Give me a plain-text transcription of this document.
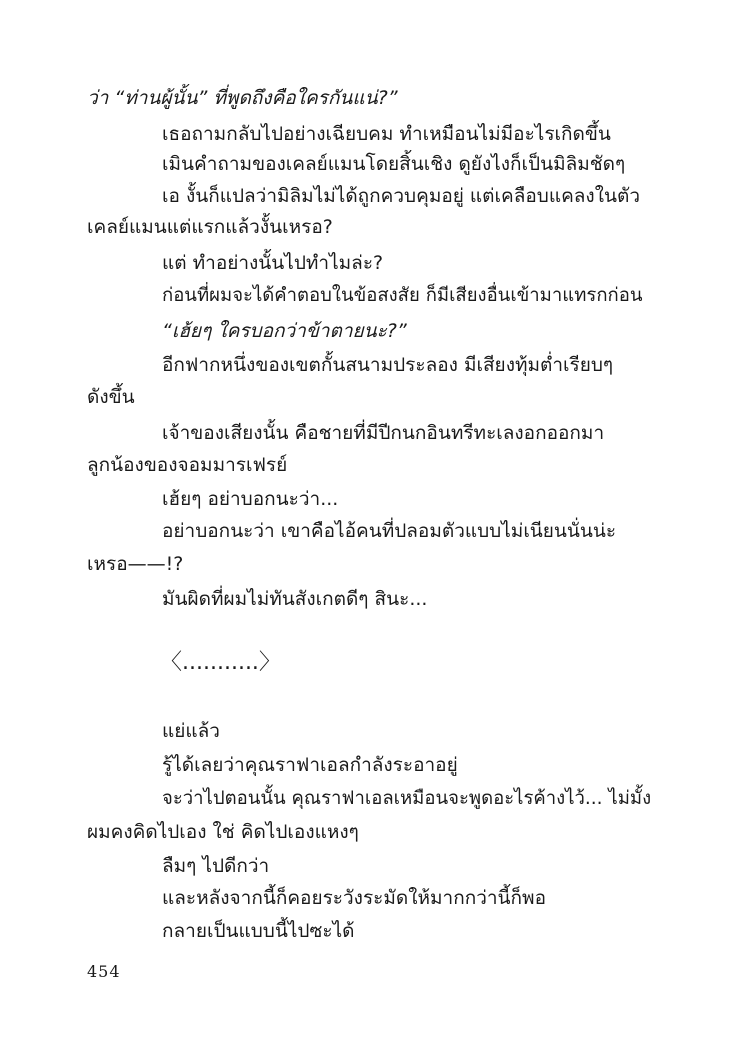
ว่า “ท่านผู้นั้น” ที่พูดถึงคือใครกันแน่?”
เธอถามกลับไปอย่างเฉียบคม ทำเหมือนไม่มีอะไรเกิดขึ้น
เมินคำถามของเคลย์แมนโดยสิ้นเชิง ดูยังไงก็เป็นมิลิมชัดๆ
เอ งั้นก็แปลว่ามิลิมไม่ได้ถูกควบคุมอยู่ แต่เคลือบแคลงในตัว
เคลย์แมนแต่แรกแล้วงั้นเหรอ?
แต่ ทำอย่างนั้นไปทำไมล่ะ?
ก่อนที่ผมจะได้คำตอบในข้อสงสัย ก็มีเสียงอื่นเข้ามาแทรกก่อน
“เฮ้ยๆ ใครบอกว่าข้าตายนะ?”
อีกฟากหนึ่งของเขตกั้นสนามประลอง มีเสียงทุ้มต่ำเรียบๆ
ดังขึ้น
เจ้าของเสียงนั้น คือชายที่มีปีกนกอินทรีทะเลงอกออกมา
ลูกน้องของจอมมารเฟรย์
เฮ้ยๆ อย่าบอกนะว่า...
อย่าบอกนะว่า เขาคือไอ้คนที่ปลอมตัวแบบไม่เนียนนั่นน่ะ
เหรอ——!?
มันผิดที่ผมไม่ทันสังเกตดีๆ สินะ...
〈...........〉
แย่แล้ว
รู้ได้เลยว่าคุณราฟาเอลกำลังระอาอยู่
จะว่าไปตอนนั้น คุณราฟาเอลเหมือนจะพูดอะไรค้างไว้... ไม่มั้ง
ผมคงคิดไปเอง ใช่ คิดไปเองแหงๆ
ลืมๆ ไปดีกว่า
และหลังจากนี้ก็คอยระวังระมัดให้มากกว่านี้ก็พอ
กลายเป็นแบบนี้ไปซะได้
454
